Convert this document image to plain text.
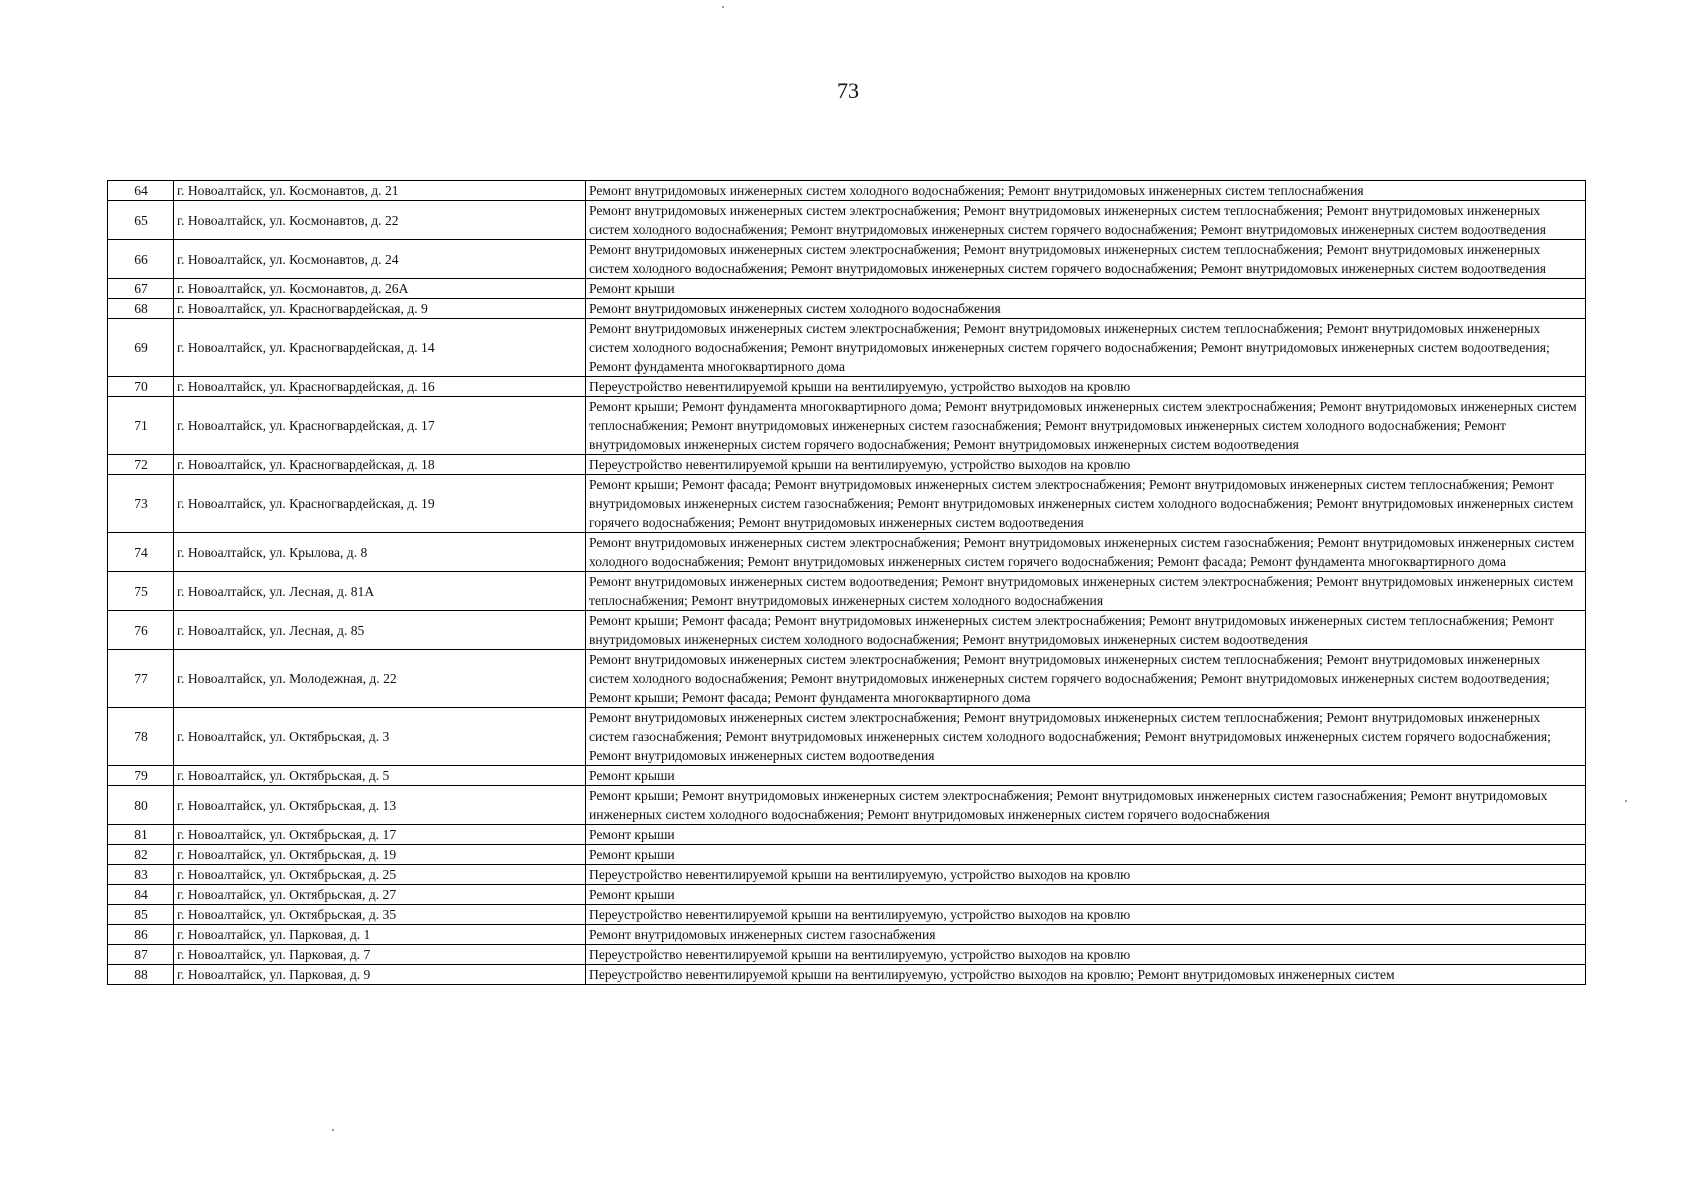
73
64	г. Новоалтайск, ул. Космонавтов, д. 21	Ремонт внутридомовых инженерных систем холодного водоснабжения; Ремонт внутридомовых инженерных систем теплоснабжения
65	г. Новоалтайск, ул. Космонавтов, д. 22	Ремонт внутридомовых инженерных систем электроснабжения; Ремонт внутридомовых инженерных систем теплоснабжения; Ремонт внутридомовых инженерных систем холодного водоснабжения; Ремонт внутридомовых инженерных систем горячего водоснабжения; Ремонт внутридомовых инженерных систем водоотведения
66	г. Новоалтайск, ул. Космонавтов, д. 24	Ремонт внутридомовых инженерных систем электроснабжения; Ремонт внутридомовых инженерных систем теплоснабжения; Ремонт внутридомовых инженерных систем холодного водоснабжения; Ремонт внутридомовых инженерных систем горячего водоснабжения; Ремонт внутридомовых инженерных систем водоотведения
67	г. Новоалтайск, ул. Космонавтов, д. 26А	Ремонт крыши
68	г. Новоалтайск, ул. Красногвардейская, д. 9	Ремонт внутридомовых инженерных систем холодного водоснабжения
69	г. Новоалтайск, ул. Красногвардейская, д. 14	Ремонт внутридомовых инженерных систем электроснабжения; Ремонт внутридомовых инженерных систем теплоснабжения; Ремонт внутридомовых инженерных систем холодного водоснабжения; Ремонт внутридомовых инженерных систем горячего водоснабжения; Ремонт внутридомовых инженерных систем водоотведения; Ремонт фундамента многоквартирного дома
70	г. Новоалтайск, ул. Красногвардейская, д. 16	Переустройство невентилируемой крыши на вентилируемую, устройство выходов на кровлю
71	г. Новоалтайск, ул. Красногвардейская, д. 17	Ремонт крыши; Ремонт фундамента многоквартирного дома; Ремонт внутридомовых инженерных систем электроснабжения; Ремонт внутридомовых инженерных систем теплоснабжения; Ремонт внутридомовых инженерных систем газоснабжения; Ремонт внутридомовых инженерных систем холодного водоснабжения; Ремонт внутридомовых инженерных систем горячего водоснабжения; Ремонт внутридомовых инженерных систем водоотведения
72	г. Новоалтайск, ул. Красногвардейская, д. 18	Переустройство невентилируемой крыши на вентилируемую, устройство выходов на кровлю
73	г. Новоалтайск, ул. Красногвардейская, д. 19	Ремонт крыши; Ремонт фасада; Ремонт внутридомовых инженерных систем электроснабжения; Ремонт внутридомовых инженерных систем теплоснабжения; Ремонт внутридомовых инженерных систем газоснабжения; Ремонт внутридомовых инженерных систем холодного водоснабжения; Ремонт внутридомовых инженерных систем горячего водоснабжения; Ремонт внутридомовых инженерных систем водоотведения
74	г. Новоалтайск, ул. Крылова, д. 8	Ремонт внутридомовых инженерных систем электроснабжения; Ремонт внутридомовых инженерных систем газоснабжения; Ремонт внутридомовых инженерных систем холодного водоснабжения; Ремонт внутридомовых инженерных систем горячего водоснабжения; Ремонт фасада; Ремонт фундамента многоквартирного дома
75	г. Новоалтайск, ул. Лесная, д. 81А	Ремонт внутридомовых инженерных систем водоотведения; Ремонт внутридомовых инженерных систем электроснабжения; Ремонт внутридомовых инженерных систем теплоснабжения; Ремонт внутридомовых инженерных систем холодного водоснабжения
76	г. Новоалтайск, ул. Лесная, д. 85	Ремонт крыши; Ремонт фасада; Ремонт внутридомовых инженерных систем электроснабжения; Ремонт внутридомовых инженерных систем теплоснабжения; Ремонт внутридомовых инженерных систем холодного водоснабжения; Ремонт внутридомовых инженерных систем водоотведения
77	г. Новоалтайск, ул. Молодежная, д. 22	Ремонт внутридомовых инженерных систем электроснабжения; Ремонт внутридомовых инженерных систем теплоснабжения; Ремонт внутридомовых инженерных систем холодного водоснабжения; Ремонт внутридомовых инженерных систем горячего водоснабжения; Ремонт внутридомовых инженерных систем водоотведения; Ремонт крыши; Ремонт фасада; Ремонт фундамента многоквартирного дома
78	г. Новоалтайск, ул. Октябрьская, д. 3	Ремонт внутридомовых инженерных систем электроснабжения; Ремонт внутридомовых инженерных систем теплоснабжения; Ремонт внутридомовых инженерных систем газоснабжения; Ремонт внутридомовых инженерных систем холодного водоснабжения; Ремонт внутридомовых инженерных систем горячего водоснабжения; Ремонт внутридомовых инженерных систем водоотведения
79	г. Новоалтайск, ул. Октябрьская, д. 5	Ремонт крыши
80	г. Новоалтайск, ул. Октябрьская, д. 13	Ремонт крыши; Ремонт внутридомовых инженерных систем электроснабжения; Ремонт внутридомовых инженерных систем газоснабжения; Ремонт внутридомовых инженерных систем холодного водоснабжения; Ремонт внутридомовых инженерных систем горячего водоснабжения
81	г. Новоалтайск, ул. Октябрьская, д. 17	Ремонт крыши
82	г. Новоалтайск, ул. Октябрьская, д. 19	Ремонт крыши
83	г. Новоалтайск, ул. Октябрьская, д. 25	Переустройство невентилируемой крыши на вентилируемую, устройство выходов на кровлю
84	г. Новоалтайск, ул. Октябрьская, д. 27	Ремонт крыши
85	г. Новоалтайск, ул. Октябрьская, д. 35	Переустройство невентилируемой крыши на вентилируемую, устройство выходов на кровлю
86	г. Новоалтайск, ул. Парковая, д. 1	Ремонт внутридомовых инженерных систем газоснабжения
87	г. Новоалтайск, ул. Парковая, д. 7	Переустройство невентилируемой крыши на вентилируемую, устройство выходов на кровлю
88	г. Новоалтайск, ул. Парковая, д. 9	Переустройство невентилируемой крыши на вентилируемую, устройство выходов на кровлю; Ремонт внутридомовых инженерных систем
